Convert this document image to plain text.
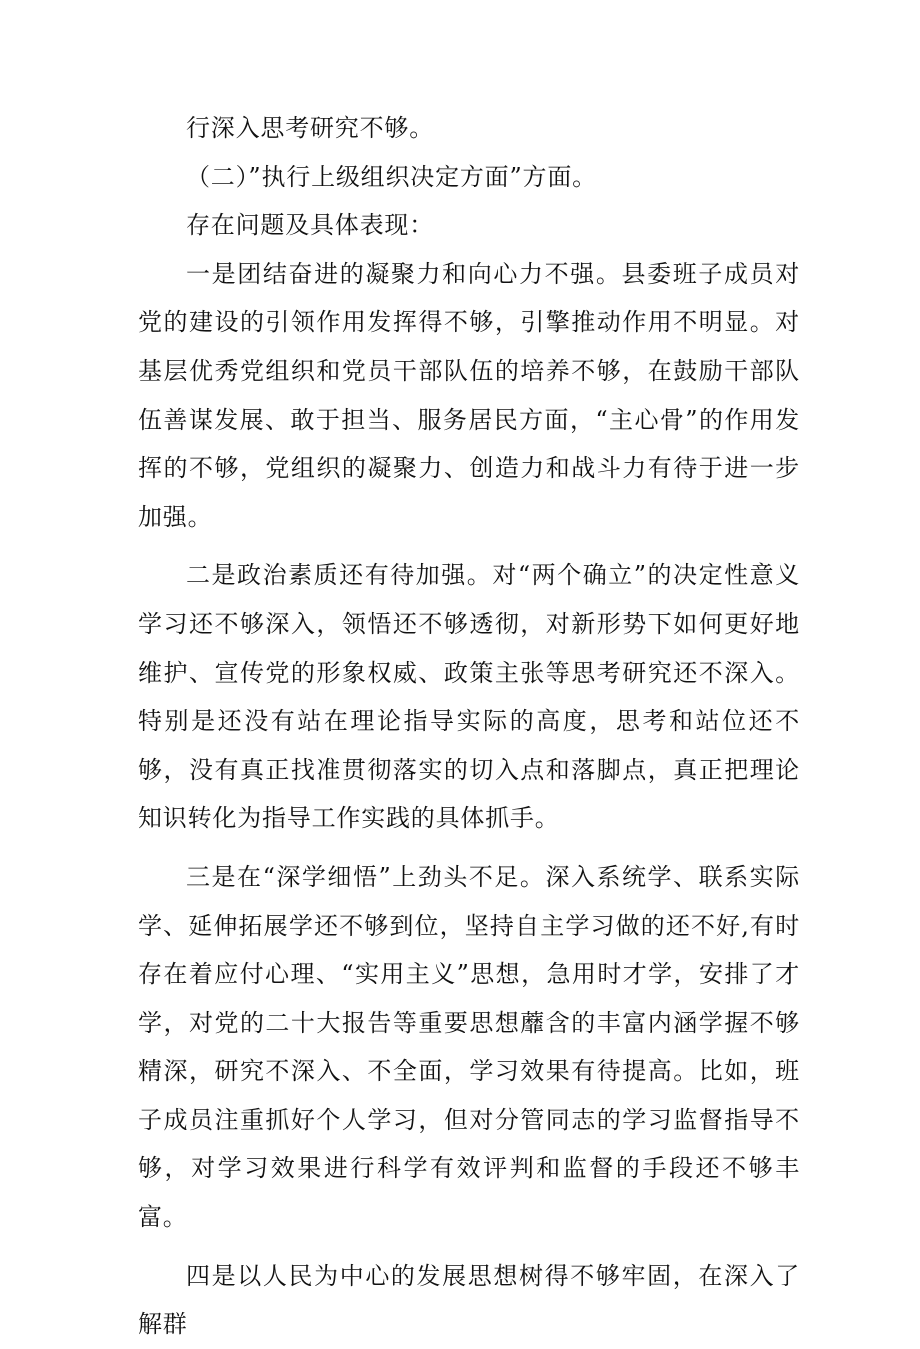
行深入思考研究不够。

（二）”执行上级组织决定方面”方面。

存在问题及具体表现：

一是团结奋进的凝聚力和向心力不强。县委班子成员对党的建设的引领作用发挥得不够，引擎推动作用不明显。对基层优秀党组织和党员干部队伍的培养不够，在鼓励干部队伍善谋发展、敢于担当、服务居民方面，“主心骨”的作用发挥的不够，党组织的凝聚力、创造力和战斗力有待于进一步加强。

二是政治素质还有待加强。对“两个确立”的决定性意义学习还不够深入，领悟还不够透彻，对新形势下如何更好地维护、宣传党的形象权威、政策主张等思考研究还不深入。特别是还没有站在理论指导实际的高度，思考和站位还不够，没有真正找准贯彻落实的切入点和落脚点，真正把理论知识转化为指导工作实践的具体抓手。

三是在“深学细悟”上劲头不足。深入系统学、联系实际学、延伸拓展学还不够到位，坚持自主学习做的还不好,有时存在着应付心理、“实用主义”思想，急用时才学，安排了才学，对党的二十大报告等重要思想蘼含的丰富内涵学握不够精深，研究不深入、不全面，学习效果有待提高。比如，班子成员注重抓好个人学习，但对分管同志的学习监督指导不够，对学习效果进行科学有效评判和监督的手段还不够丰富。

四是以人民为中心的发展思想树得不够牢固，在深入了解群
